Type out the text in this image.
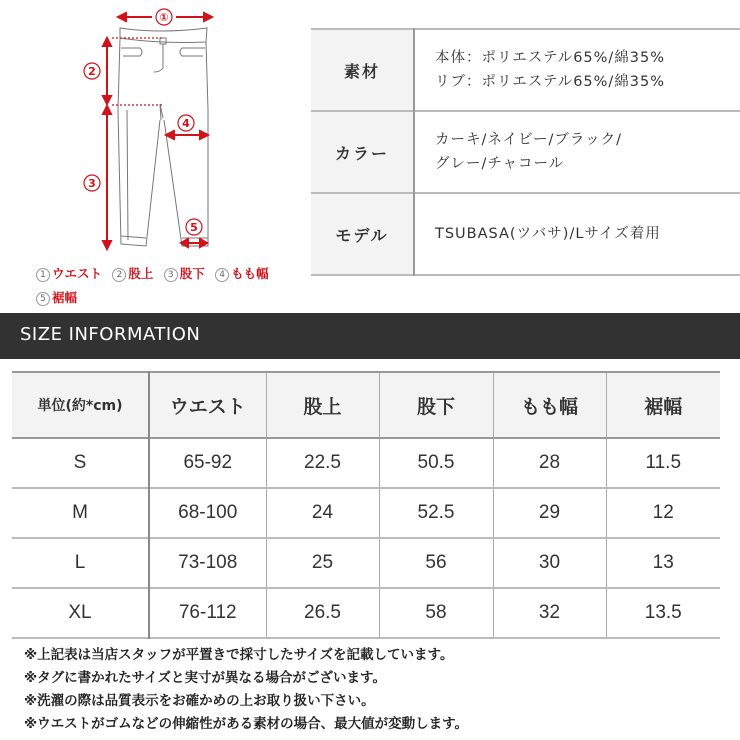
①
2
3
4
5
1 ウエスト 2 股上 3 股下 4 もも幅
5 裾幅
素材	本体：ポリエステル65%/綿35%
リブ：ポリエステル65%/綿35%

カラー	カーキ/ネイビー/ブラック/
グレー/チャコール

モデル	TSUBASA(ツバサ)/Lサイズ着用
SIZE INFORMATION
単位(約*cm)	ウエスト	股上	股下	もも幅	裾幅
S	65-92	22.5	50.5	28	11.5
M	68-100	24	52.5	29	12
L	73-108	25	56	30	13
XL	76-112	26.5	58	32	13.5
※上記表は当店スタッフが平置きで採寸したサイズを記載しています。
※タグに書かれたサイズと実寸が異なる場合がございます。
※洗濯の際は品質表示をお確かめの上お取り扱い下さい。
※ウエストがゴムなどの伸縮性がある素材の場合、最大値が変動します。
